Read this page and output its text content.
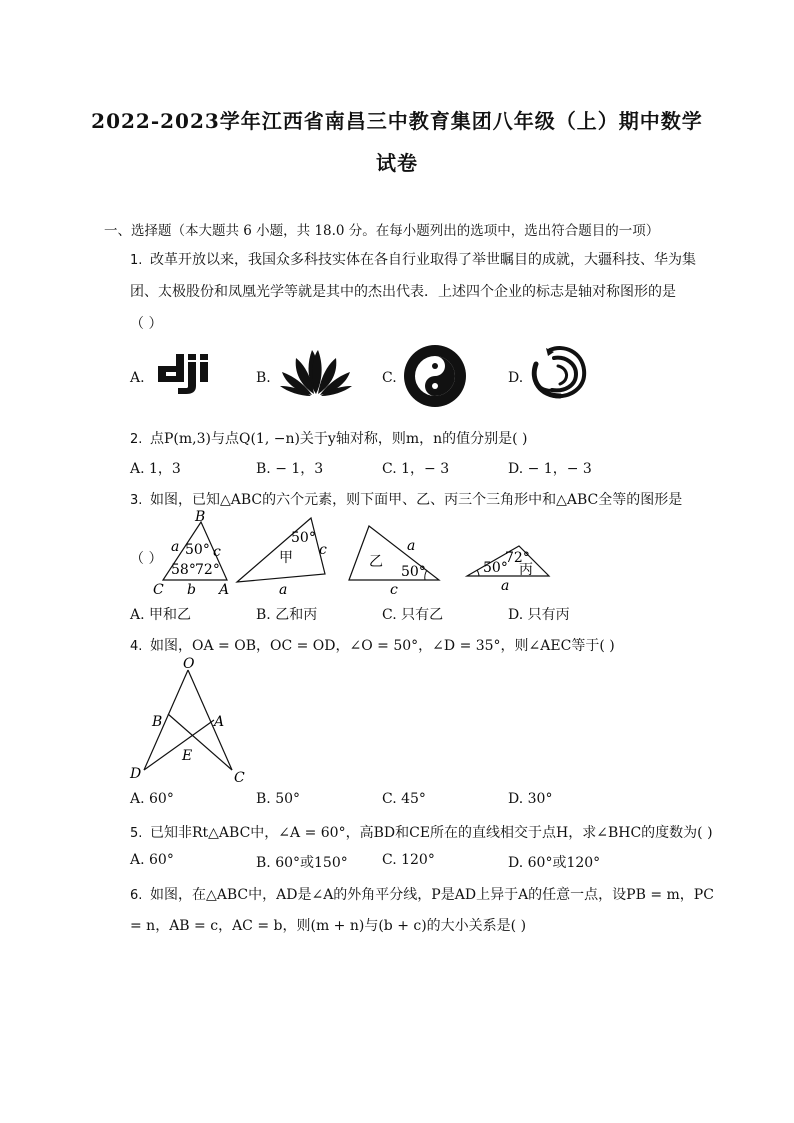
2022-2023学年江西省南昌三中教育集团八年级（上）期中数学
试卷
一、选择题（本大题共 6 小题，共 18.0 分。在每小题列出的选项中，选出符合题目的一项）
1. 改革开放以来，我国众多科技实体在各自行业取得了举世瞩目的成就，大疆科技、华为集
团、太极股份和凤凰光学等就是其中的杰出代表．上述四个企业的标志是轴对称图形的是
（ ）
A.	B.	C.	D.
2. 点P(m,3)与点Q(1, −n)关于y轴对称，则m，n的值分别是( )
A. 1，3	B. − 1，3	C. 1，− 3	D. − 1，− 3
3. 如图，已知△ABC的六个元素，则下面甲、乙、丙三个三角形中和△ABC全等的图形是
（ ）
B
C	A
a c
b
50°
58° 72°
50°
甲 c
a
乙
a
50°
c
50°
72°
丙
a
A. 甲和乙	B. 乙和丙	C. 只有乙	D. 只有丙
4. 如图，OA = OB，OC = OD，∠O = 50°，∠D = 35°，则∠AEC等于( )
O
B	A
E
D	C
A. 60°	B. 50°	C. 45°	D. 30°
5. 已知非Rt△ABC中，∠A = 60°，高BD和CE所在的直线相交于点H，求∠BHC的度数为( )
A. 60°	B. 60°或150° C. 120°	D. 60°或120°
6. 如图，在△ABC中，AD是∠A的外角平分线，P是AD上异于A的任意一点，设PB = m，PC
= n，AB = c，AC = b，则(m + n)与(b + c)的大小关系是( )
